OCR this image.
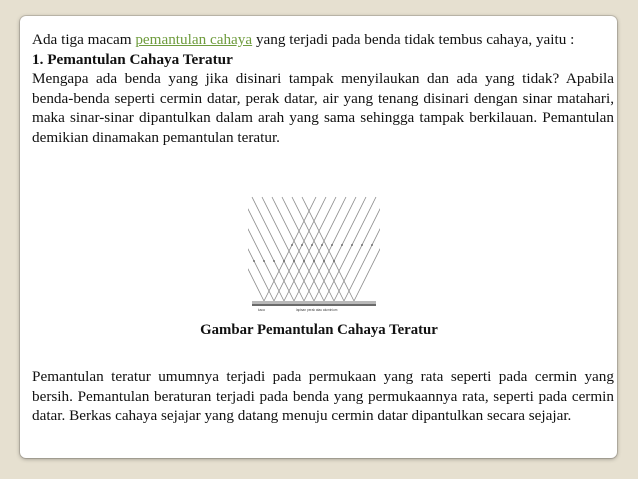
Ada tiga macam pemantulan cahaya yang terjadi pada benda tidak tembus cahaya, yaitu :

1. Pemantulan Cahaya Teratur

Mengapa ada benda yang jika disinari tampak menyilaukan dan ada yang tidak? Apabila benda-benda seperti cermin datar, perak datar, air yang tenang disinari dengan sinar matahari, maka sinar-sinar dipantulkan dalam arah yang sama sehingga tampak berkilauan. Pemantulan demikian dinamakan pemantulan teratur.

kaca	lapisan perak atau aluminium
Gambar Pemantulan Cahaya Teratur

Pemantulan teratur umumnya terjadi pada permukaan yang rata seperti pada cermin yang bersih. Pemantulan beraturan terjadi pada benda yang permukaannya rata, seperti pada cermin datar. Berkas cahaya sejajar yang datang menuju cermin datar dipantulkan secara sejajar.
